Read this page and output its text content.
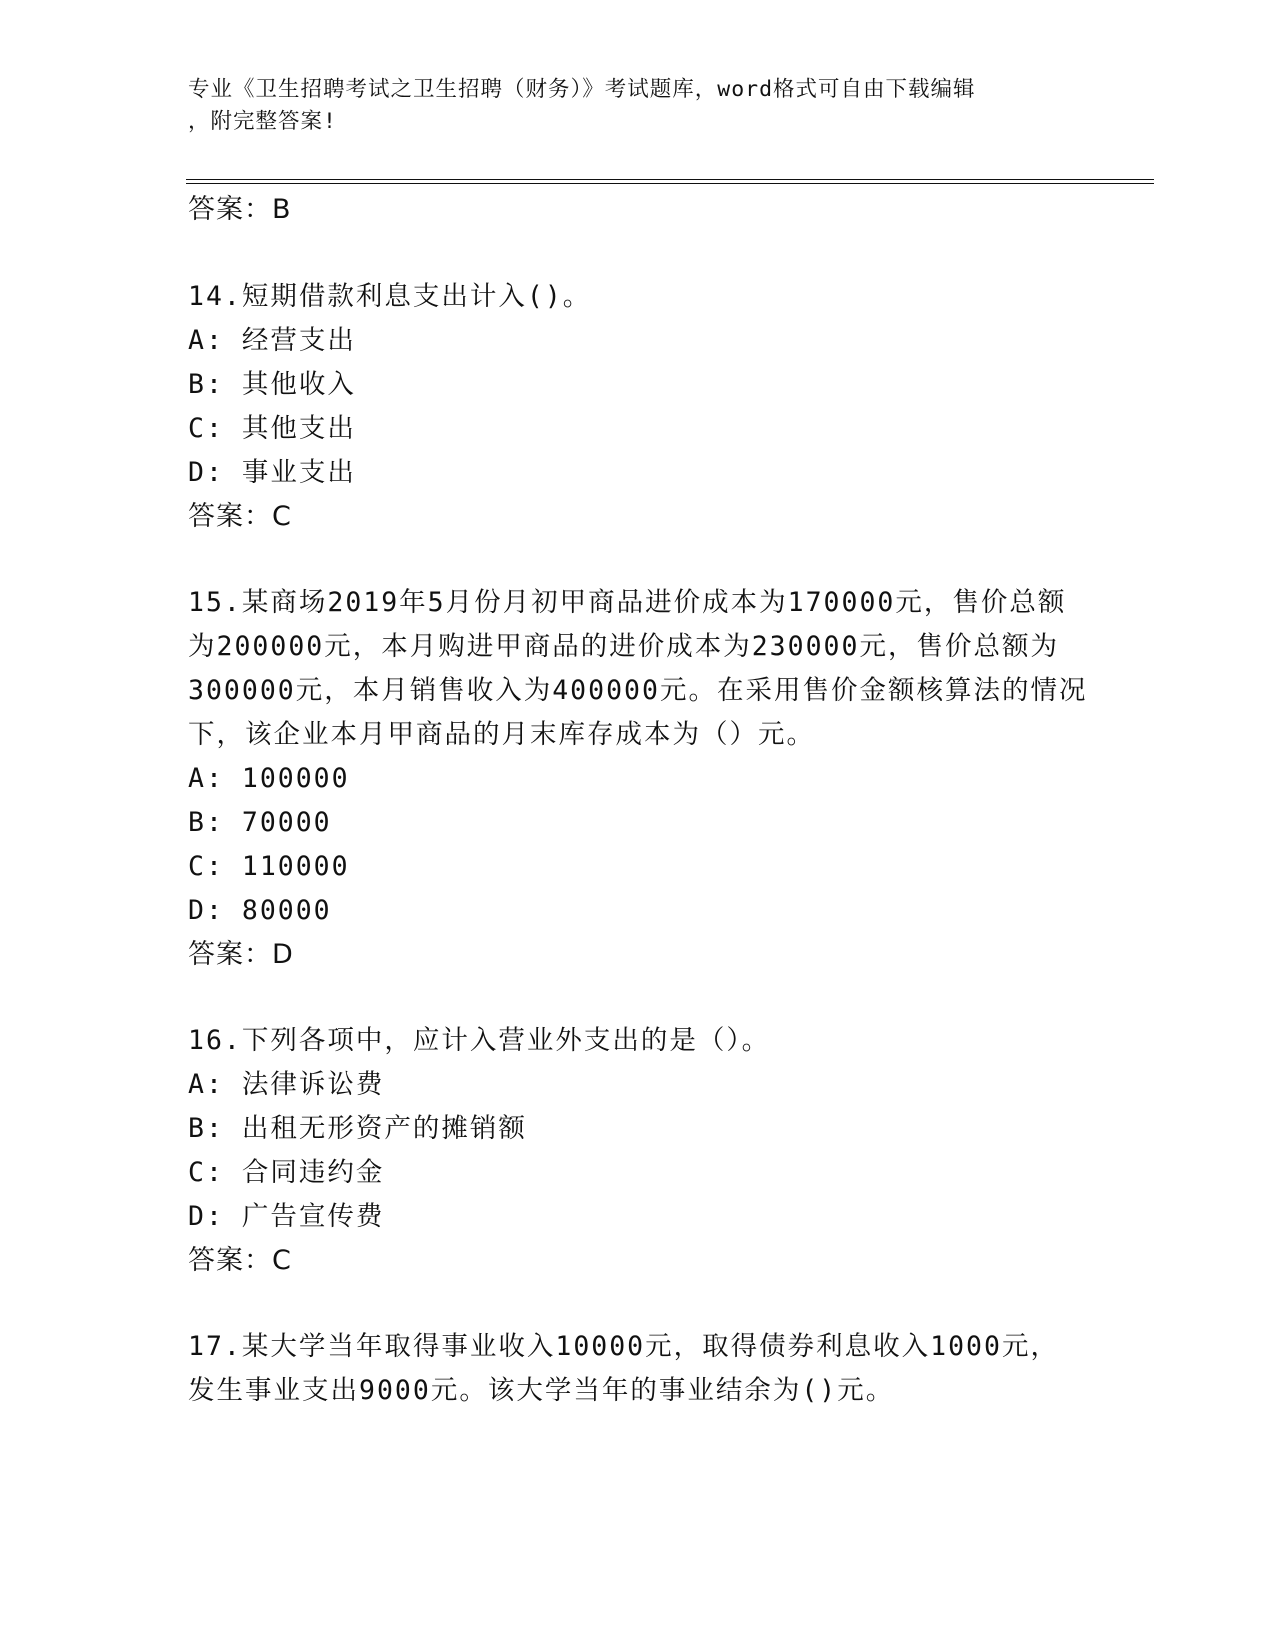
专业《卫生招聘考试之卫生招聘（财务）》考试题库，word格式可自由下载编辑
，附完整答案!
答案：B
14.短期借款利息支出计入()。
A: 经营支出
B: 其他收入
C: 其他支出
D: 事业支出
答案：C
15.某商场2019年5月份月初甲商品进价成本为170000元，售价总额
为200000元，本月购进甲商品的进价成本为230000元，售价总额为
300000元，本月销售收入为400000元。在采用售价金额核算法的情况
下，该企业本月甲商品的月末库存成本为（）元。
A: 100000
B: 70000
C: 110000
D: 80000
答案：D
16.下列各项中，应计入营业外支出的是（）。
A: 法律诉讼费
B: 出租无形资产的摊销额
C: 合同违约金
D: 广告宣传费
答案：C
17.某大学当年取得事业收入10000元，取得债券利息收入1000元，
发生事业支出9000元。该大学当年的事业结余为()元。
